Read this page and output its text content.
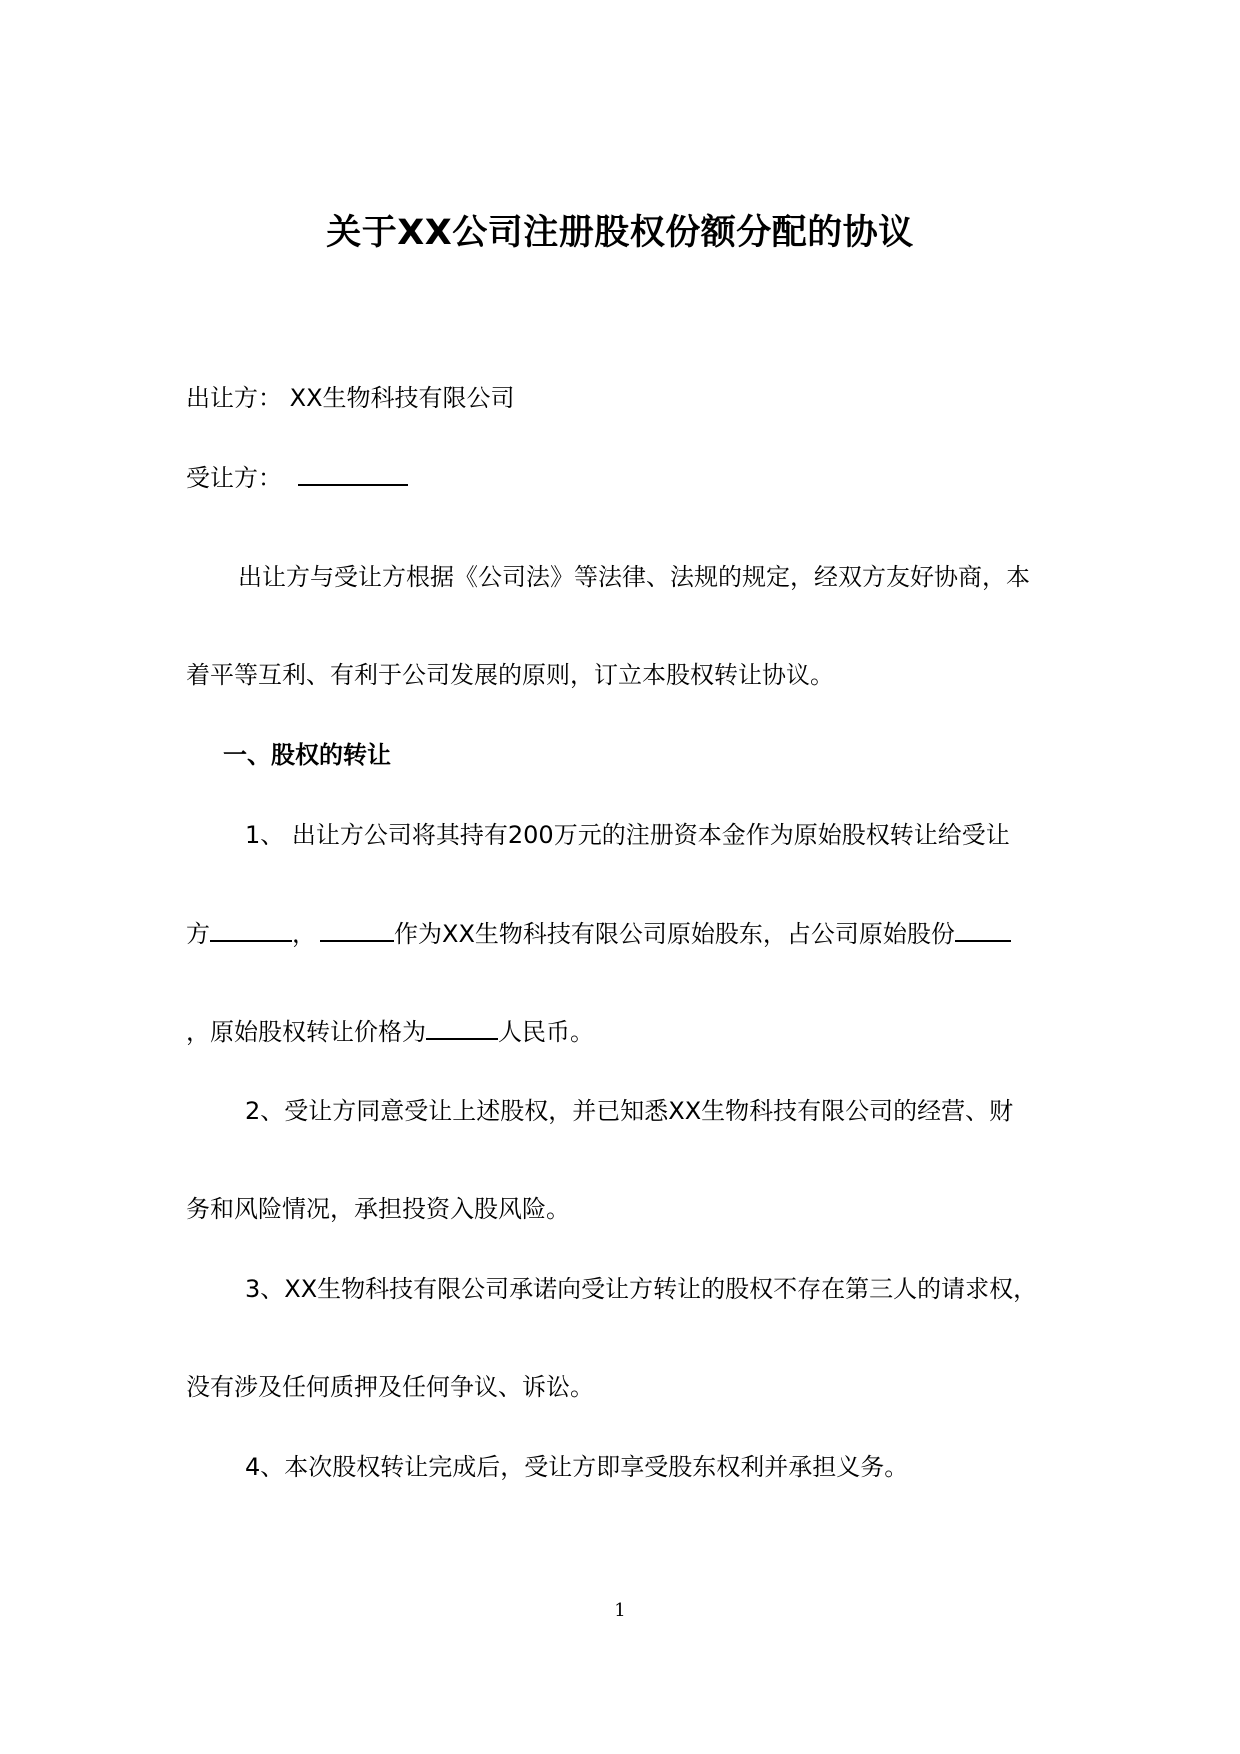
关于XX公司注册股权份额分配的协议
出让方： XX生物科技有限公司
受让方：
出让方与受让方根据《公司法》等法律、法规的规定，经双方友好协商，本
着平等互利、有利于公司发展的原则，订立本股权转让协议。
一、股权的转让
1、 出让方公司将其持有200万元的注册资本金作为原始股权转让给受让
方	，	作为XX生物科技有限公司原始股东，占公司原始股份
，原始股权转让价格为	人民币。
2、受让方同意受让上述股权，并已知悉XX生物科技有限公司的经营、财
务和风险情况，承担投资入股风险。
3、XX生物科技有限公司承诺向受让方转让的股权不存在第三人的请求权，
没有涉及任何质押及任何争议、诉讼。
4、本次股权转让完成后，受让方即享受股东权利并承担义务。
1
